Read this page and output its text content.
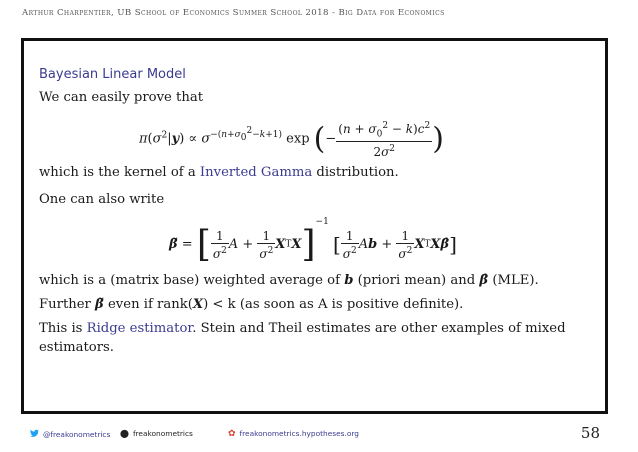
Arthur Charpentier, UB School of Economics Summer School 2018 - Big Data for Economics
Bayesian Linear Model
We can easily prove that
$\pi(\sigma^2|y) \propto \sigma^{-(n+\sigma_0^2-k+1)}$ exp (− $\frac{(n + \sigma_0^2 - k)c^2}{2\sigma^2}$ )
which is the kernel of a Inverted Gamma distribution.
One can also write
β̃ = [ $\frac{1}{\sigma^2}$ $A + \frac{1}{\sigma^2} XTX]^{-1}$ [ $\frac{1}{\sigma^2}$ $Ab + \frac{1}{\sigma^2}$ XTXβ̂]
which is a (matrix base) weighted average of b (priori mean) and β̂ (MLE).
Further β̃ even if rank(X) < k (as soon as A is positive definite).
This is Ridge estimator. Stein and Theil estimates are other examples of mixed
estimators.
@freakonometrics ⬤ freakonometrics	✿ freakonometrics.hypotheses.org	58
